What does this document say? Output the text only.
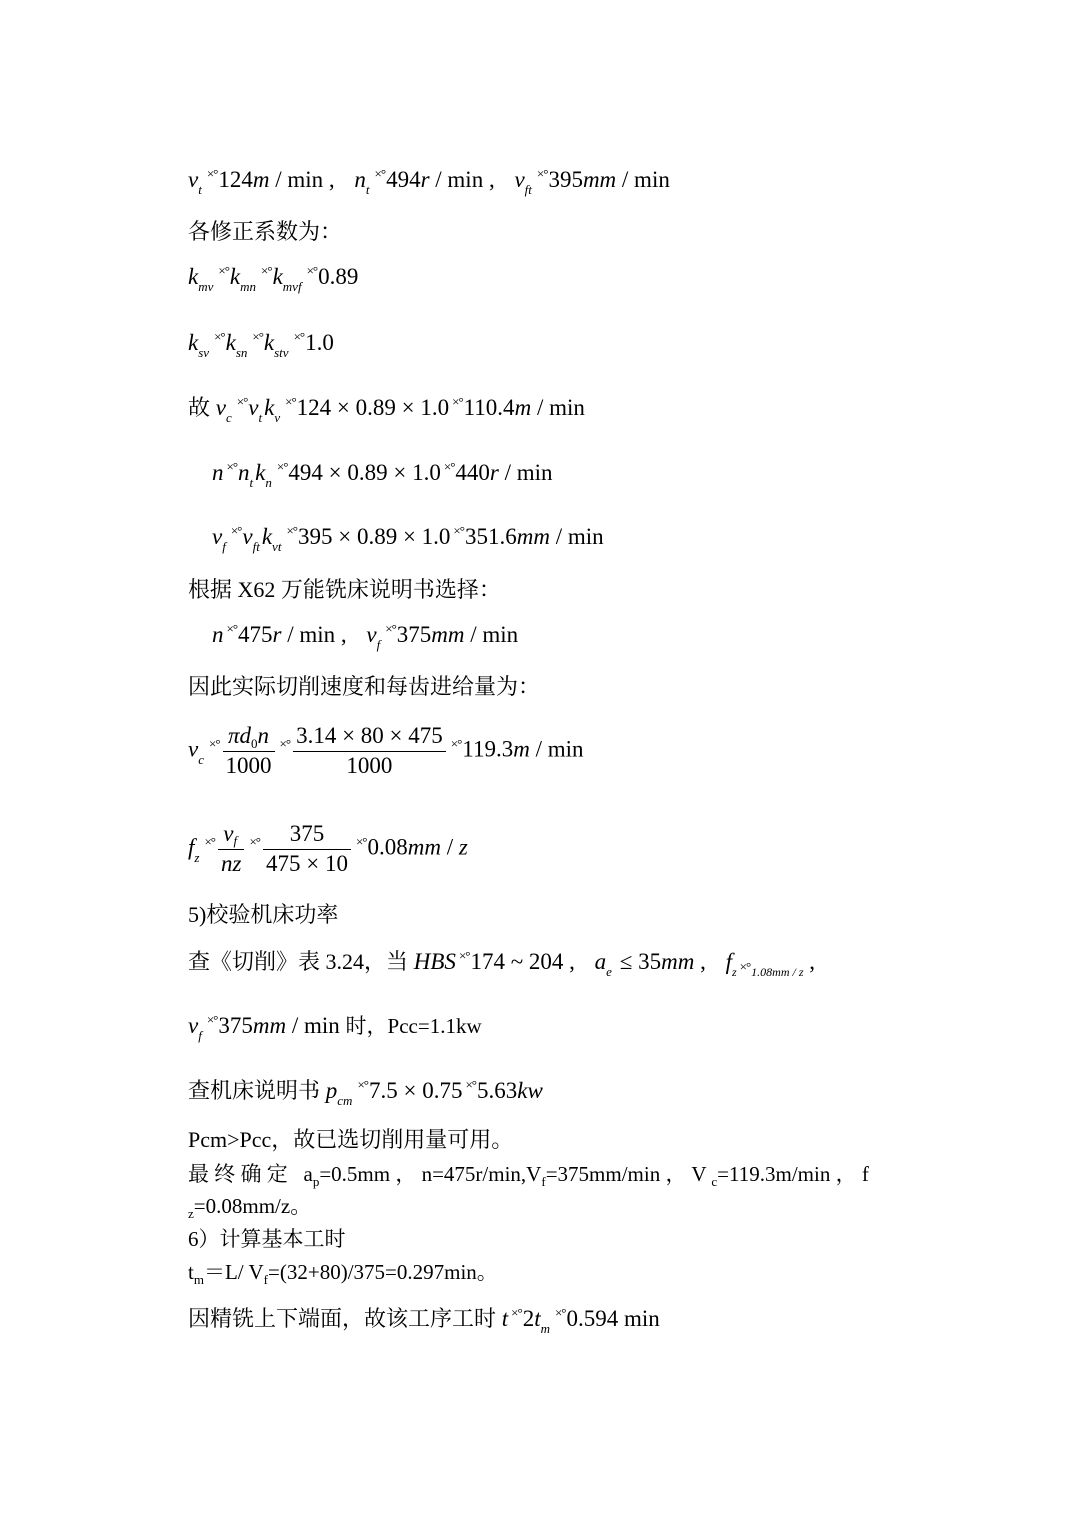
$v_t^{\times^\circ}124m$ / min , $n_t^{\times^\circ}494r$ / min , $v_{ft}^{\times^\circ}395mm$ / min
各修正系数为：
$k_{mv}^{\times^\circ}k_{mn}^{\times^\circ}k_{mvf}^{\times^\circ}0.89$
$k_{sv}^{\times^\circ}k_{sn}^{\times^\circ}k_{stv}^{\times^\circ}1.0$
故 $v_c^{\times^\circ}v_tk_v^{\times^\circ}124 \times 0.89 \times 1.0$ ×°110.4m / min
n $^{\times^\circ}n_tk_n^{\times^\circ}494 \times 0.89 \times 1.0$ ×°440r / min
$v_f^{\times^\circ}v_{ft}k_{vt}^{\times^\circ}395 \times 0.89 \times 1.0$ ×°351.6mm / min
根据 X62 万能铣床说明书选择：
n ×°475r / min , $v_f^{\times^\circ}375mm$ / min
因此实际切削速度和每齿进给量为：
$v_c^{\times^\circ} \frac{\pi d_0n}{1000} ^{\times^\circ} \frac{3.14 \times 80 \times 475}{1000} ^{\times^\circ}119.3m$ / min
$f_z^{\times^\circ} \frac{vf}{nz} ^{\times^\circ} \frac{375}{475 \times 10} ^{\times^\circ}0.08mm$ / z
5)校验机床功率
查《切削》表 3.24，当 HBS ×°174 ~ 204 , $a_e \le 35mm$ , $f_z \times^\circ_{1.08mm / z}$ ,
$v_f^{\times^\circ}375mm$ / min 时，Pcc=1.1kw
查机床说明书 $p_{cm}^{\times^\circ}7.5 \times 0.75$ ×°5.63kw
Pcm>Pcc，故已选切削用量可用。
最 终 确 定   $a_p=0.5mm$ ， $n=475r/\min,V_f=375mm/\min$ ， V $_c$=119.3m/min ， f
$_z$=0.08mm/z。
6）计算基本工时
$t_m=L/$ $V_f=(32+80)/375=0.297\min$。
因精铣上下端面，故该工序工时 t $^{\times^\circ}2t_m^{\times^\circ}0.594$ min
